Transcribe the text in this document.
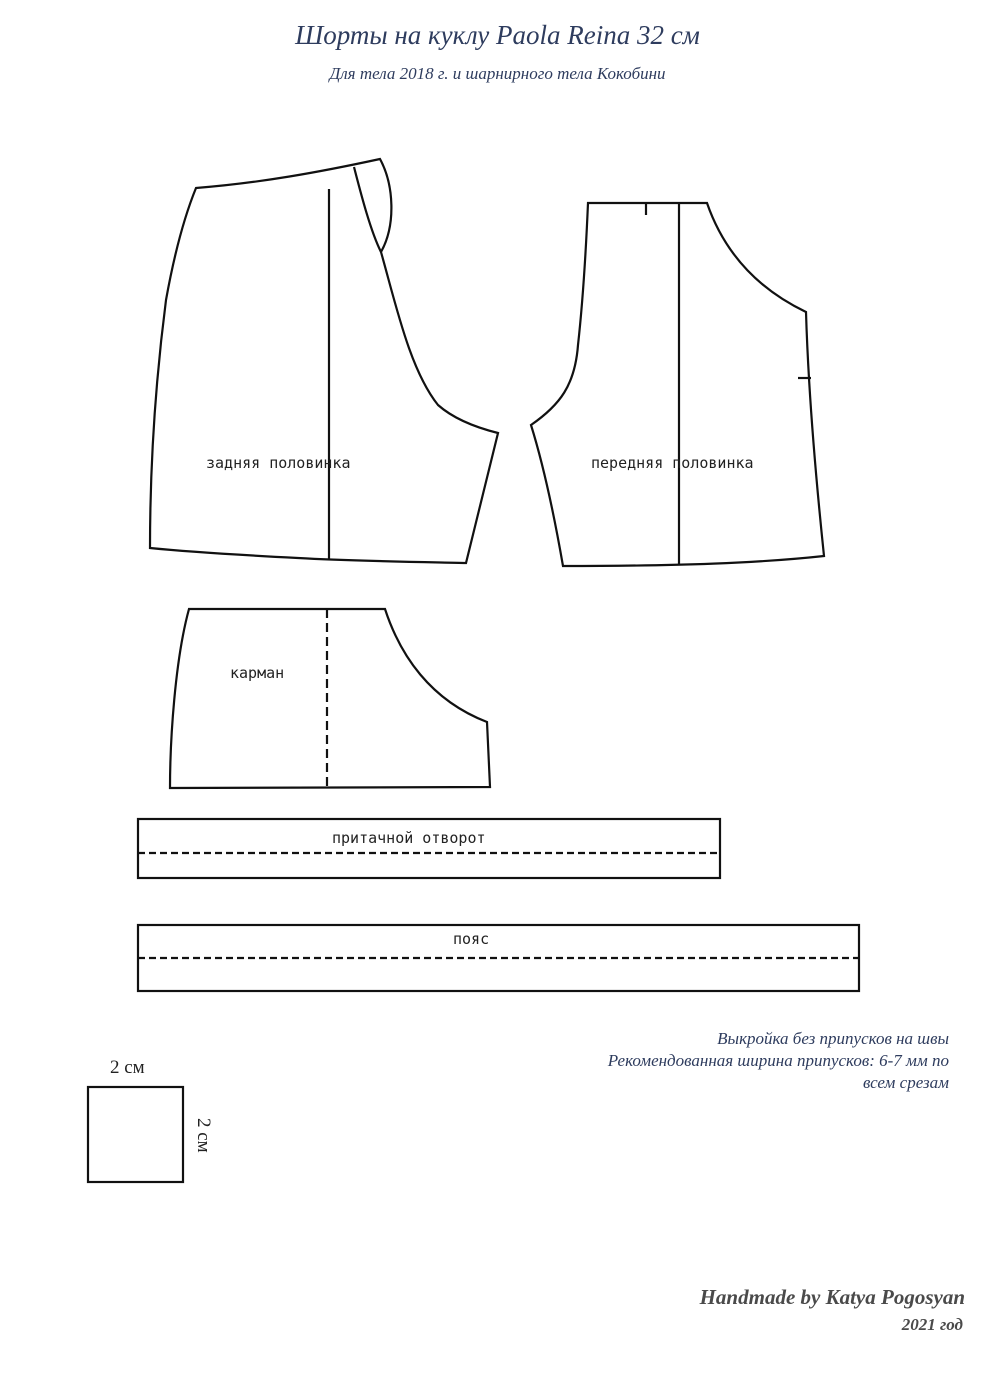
Шорты на куклу Paola Reina 32 см
Для тела 2018 г. и шарнирного тела Кокобини
задняя половинка	передняя половинка
карман
притачной отворот
пояс
Выкройка без припусков на швы
Рекомендованная ширина припусков: 6-7 мм по
всем срезам
2 см
2 см
Handmade by Katya Pogosyan
2021 год
